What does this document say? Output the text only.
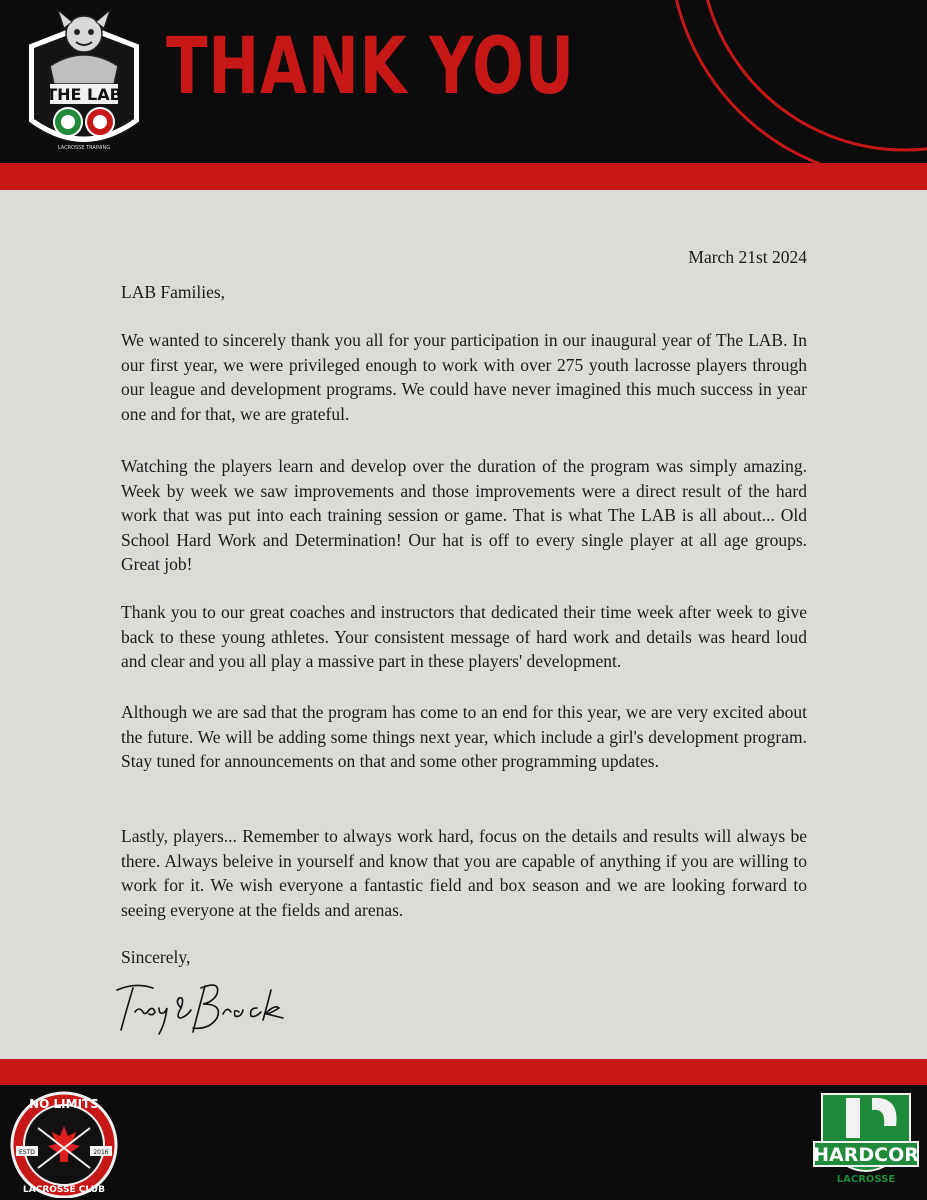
THE LAB
LACROSSE TRAINING
THANK YOU
March 21st 2024
LAB Families,
We wanted to sincerely thank you all for your participation in our inaugural year of The LAB. In our first year, we were privileged enough to work with over 275 youth lacrosse players through our league and development programs. We could have never imagined this much success in year one and for that, we are grateful.
Watching the players learn and develop over the duration of the program was simply amazing. Week by week we saw improvements and those improvements were a direct result of the hard work that was put into each training session or game. That is what The LAB is all about... Old School Hard Work and Determination! Our hat is off to every single player at all age groups. Great job!
Thank you to our great coaches and instructors that dedicated their time week after week to give back to these young athletes. Your consistent message of hard work and details was heard loud and clear and you all play a massive part in these players' development.
Although we are sad that the program has come to an end for this year, we are very excited about the future. We will be adding some things next year, which include a girl's development program. Stay tuned for announcements on that and some other programming updates.
Lastly, players... Remember to always work hard, focus on the details and results will always be there. Always beleive in yourself and know that you are capable of anything if you are willing to work for it. We wish everyone a fantastic field and box season and we are looking forward to seeing everyone at the fields and arenas.
Sincerely,
NO LIMITS
ESTD	2016
LACROSSE CLUB
HARDCOR
LACROSSE
